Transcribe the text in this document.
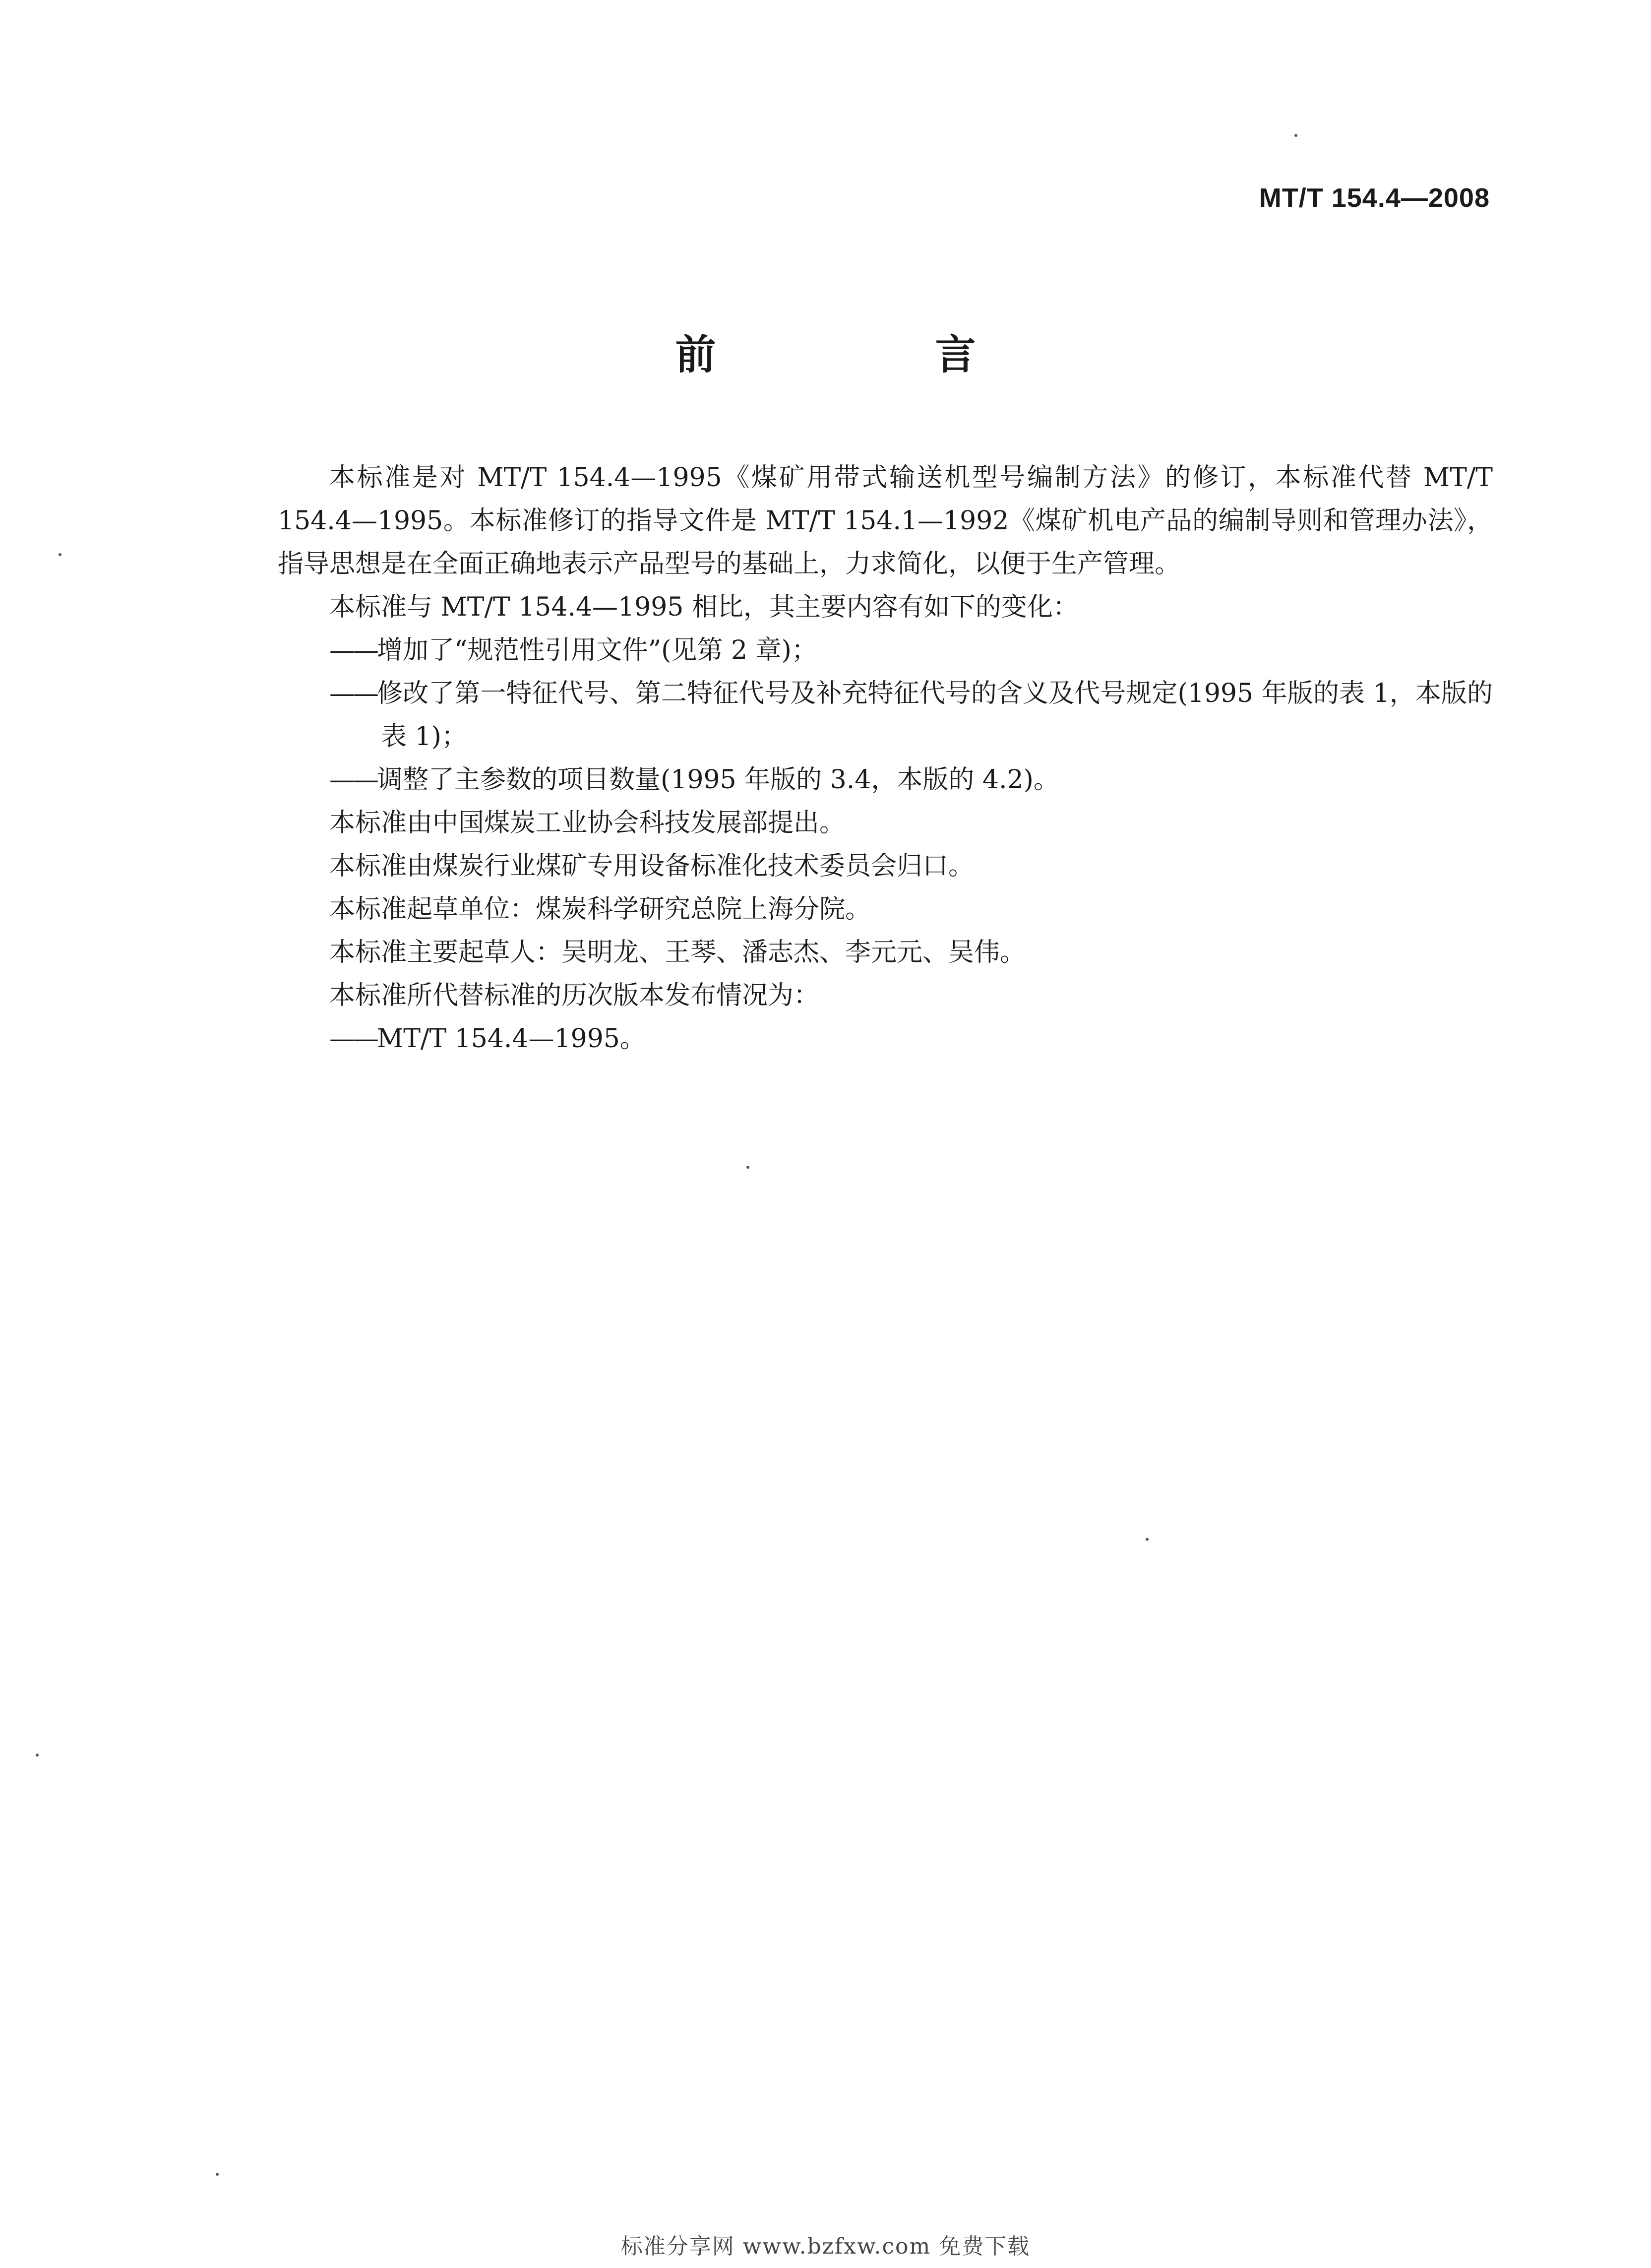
MT/T 154.4—2008
前　言

本标准是对 MT/T 154.4—1995《煤矿用带式输送机型号编制方法》的修订，本标准代替 MT/T 154.4—1995。本标准修订的指导文件是 MT/T 154.1—1992《煤矿机电产品的编制导则和管理办法》，指导思想是在全面正确地表示产品型号的基础上，力求简化，以便于生产管理。

本标准与 MT/T 154.4—1995 相比，其主要内容有如下的变化：

——增加了“规范性引用文件”(见第 2 章)；

——修改了第一特征代号、第二特征代号及补充特征代号的含义及代号规定(1995 年版的表 1，本版的表 1)；

——调整了主参数的项目数量(1995 年版的 3.4，本版的 4.2)。

本标准由中国煤炭工业协会科技发展部提出。

本标准由煤炭行业煤矿专用设备标准化技术委员会归口。

本标准起草单位：煤炭科学研究总院上海分院。

本标准主要起草人：吴明龙、王琴、潘志杰、李元元、吴伟。

本标准所代替标准的历次版本发布情况为：

——MT/T 154.4—1995。

标准分享网 www.bzfxw.com 免费下载
